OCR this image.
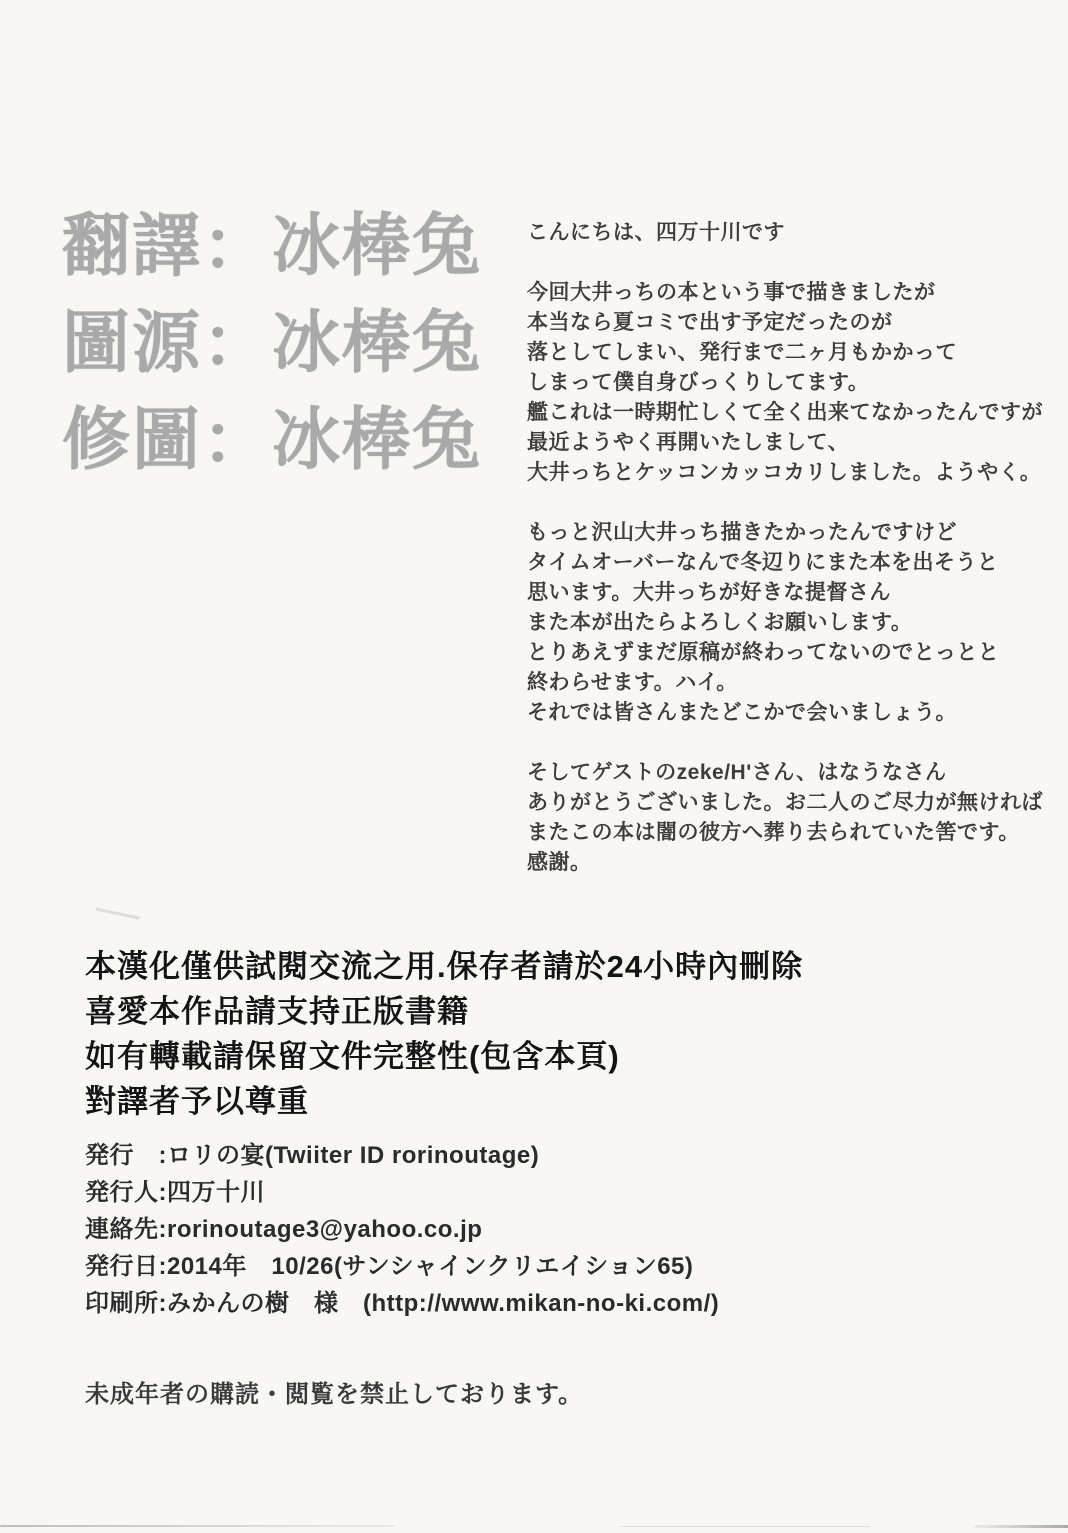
翻譯：冰棒兔
圖源：冰棒兔
修圖：冰棒兔
こんにちは、四万十川です
今回大井っちの本という事で描きましたが
本当なら夏コミで出す予定だったのが
落としてしまい、発行まで二ヶ月もかかって
しまって僕自身びっくりしてます。
艦これは一時期忙しくて全く出来てなかったんですが
最近ようやく再開いたしまして、
大井っちとケッコンカッコカリしました。ようやく。
もっと沢山大井っち描きたかったんですけど
タイムオーバーなんで冬辺りにまた本を出そうと
思います。大井っちが好きな提督さん
また本が出たらよろしくお願いします。
とりあえずまだ原稿が終わってないのでとっとと
終わらせます。ハイ。
それでは皆さんまたどこかで会いましょう。
そしてゲストのzeke/H'さん、はなうなさん
ありがとうございました。お二人のご尽力が無ければ
またこの本は闇の彼方へ葬り去られていた筈です。
感謝。
本漢化僅供試閱交流之用.保存者請於24小時內刪除
喜愛本作品請支持正版書籍
如有轉載請保留文件完整性(包含本頁)
對譯者予以尊重
発行　:ロリの宴(Twiiter ID rorinoutage)
発行人:四万十川
連絡先:rorinoutage3@yahoo.co.jp
発行日:2014年　10/26(サンシャインクリエイション65)
印刷所:みかんの樹　様　(http://www.mikan-no-ki.com/)
未成年者の購読・閲覧を禁止しております。
